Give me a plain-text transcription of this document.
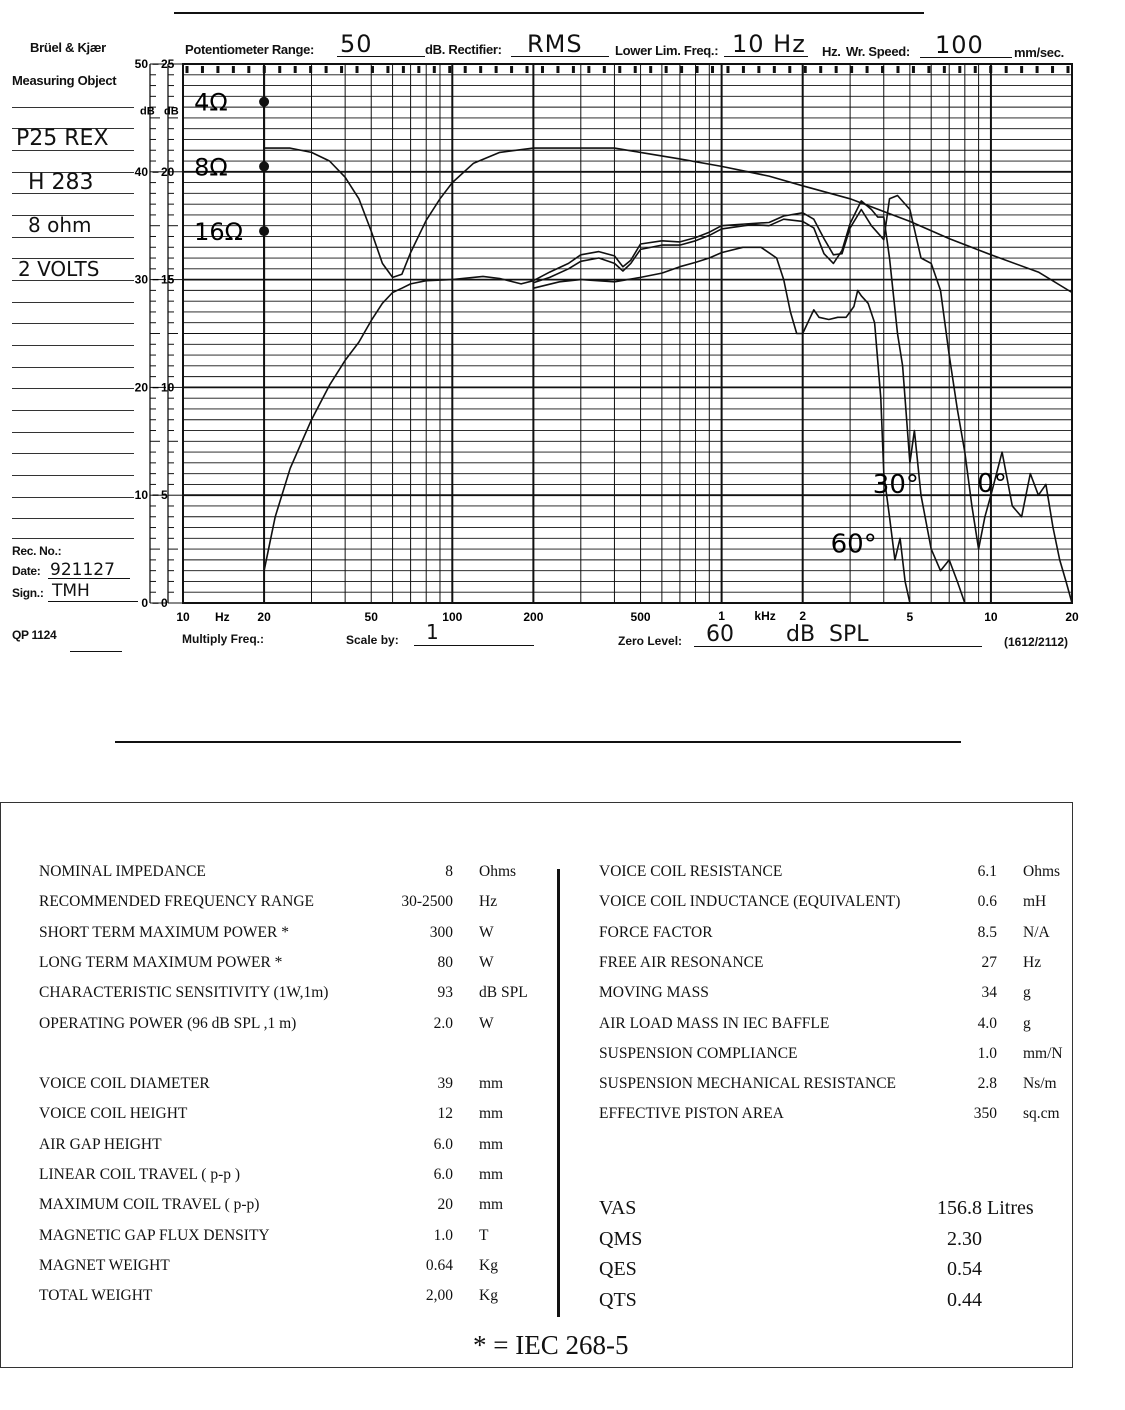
Brüel & Kjær
Measuring Object
Potentiometer Range: 50	dB. Rectifier: RMS Lower Lim. Freq.: 10 Hz Hz. Wr. Speed: 100 mm/sec.
P25 REX
H 283
8 ohm
2 VOLTS
Rec. No.:
Date: 921127
Sign.: TMH
QP 1124
dB dB
0 − 0
10 − 5
20 − 10
30 − 15
40 − 20
50 − 25
10 Hz 20	50	100	200	500	1 kHz 2	5	10	20
4Ω
8Ω
16Ω
30°
60°
0°
Multiply Freq.:	Scale by: 1	Zero Level: 60 dB  SPL	(1612/2112)
NOMINAL IMPEDANCE	8 Ohms
RECOMMENDED FREQUENCY RANGE	30-2500 Hz
SHORT TERM MAXIMUM POWER *	300 W
LONG TERM MAXIMUM POWER *	80 W
CHARACTERISTIC SENSITIVITY (1W,1m)	93 dB SPL
OPERATING POWER (96 dB SPL ,1 m)	2.0 W
VOICE COIL DIAMETER	39 mm
VOICE COIL HEIGHT	12 mm
AIR GAP HEIGHT	6.0 mm
LINEAR COIL TRAVEL ( p-p )	6.0 mm
MAXIMUM COIL TRAVEL ( p-p)	20 mm
MAGNETIC GAP FLUX DENSITY	1.0 T
MAGNET WEIGHT	0.64 Kg
TOTAL WEIGHT	2,00 Kg
VOICE COIL RESISTANCE	6.1 Ohms
VOICE COIL INDUCTANCE (EQUIVALENT)	0.6 mH
FORCE FACTOR	8.5 N/A
FREE AIR RESONANCE	27 Hz
MOVING MASS	34 g
AIR LOAD MASS IN IEC BAFFLE	4.0 g
SUSPENSION COMPLIANCE	1.0 mm/N
SUSPENSION MECHANICAL RESISTANCE	2.8 Ns/m
EFFECTIVE PISTON AREA	350 sq.cm
VAS	156.8 Litres
QMS	2.30
QES	0.54
QTS	0.44
* = IEC 268-5
